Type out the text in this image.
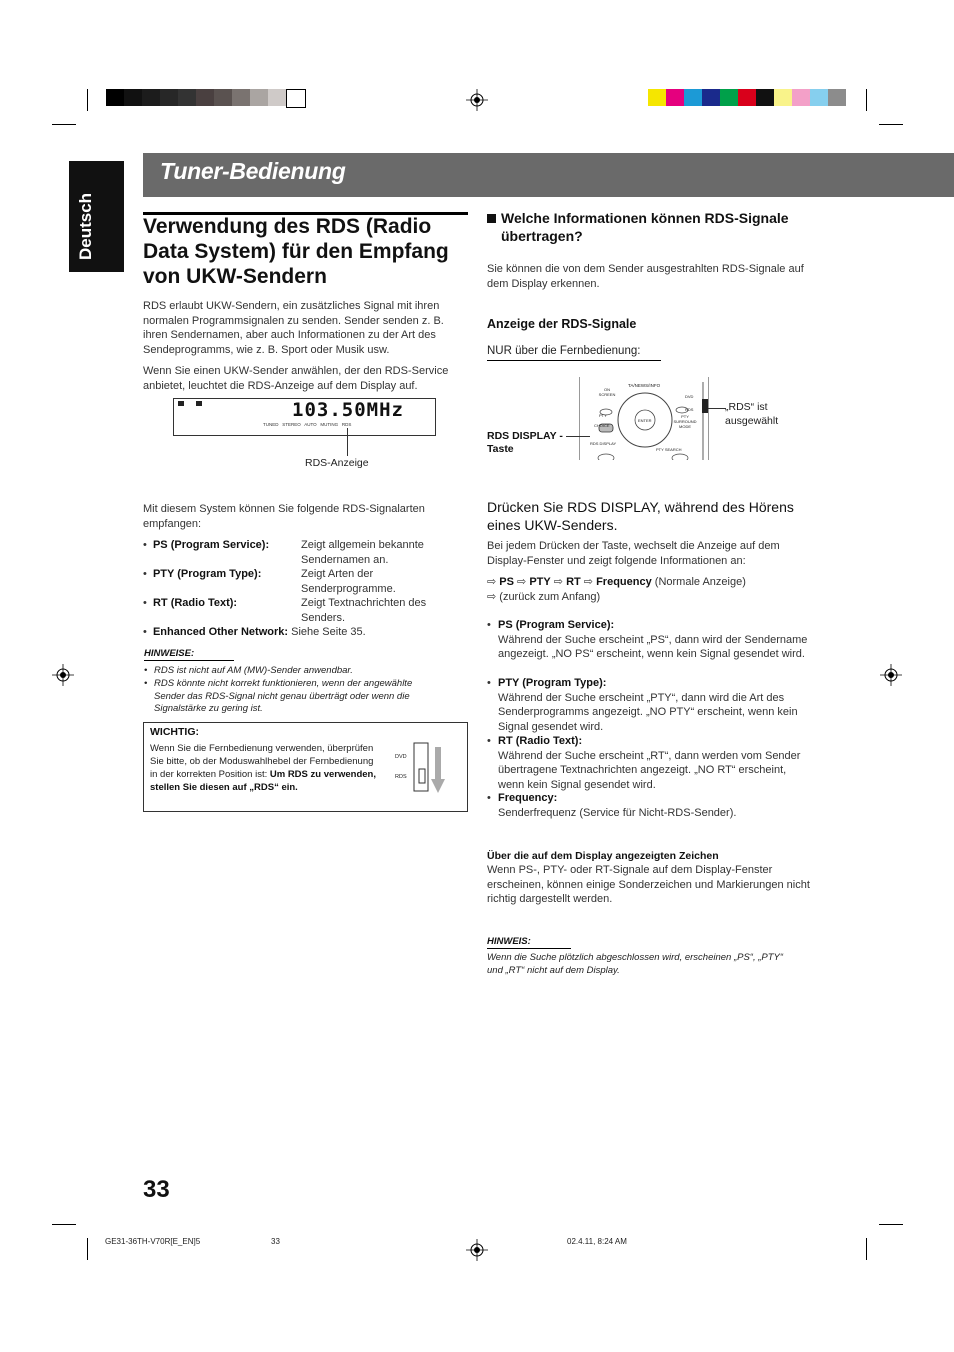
Tuner-Bedienung
Deutsch Verwendung des RDS (Radio Data System) für den Empfang von UKW-Sendern
RDS erlaubt UKW-Sendern, ein zusätzliches Signal mit ihren normalen Programmsignalen zu senden. Sender senden z. B. ihren Sendernamen, aber auch Informationen zu der Art des Sendeprogramms, wie z. B. Sport oder Musik usw.
Wenn Sie einen UKW-Sender anwählen, der den RDS-Service anbietet, leuchtet die RDS-Anzeige auf dem Display auf.
103.50MHz
TUNED   STEREO   AUTO   MUTING   RDS
RDS-Anzeige
Mit diesem System können Sie folgende RDS-Signalarten empfangen:
•  PS (Program Service):	Zeigt allgemein bekannte Sendernamen an.
•  PTY (Program Type):	Zeigt Arten der Senderprogramme.
•  RT (Radio Text):	Zeigt Textnachrichten des Senders.
•  Enhanced Other Network: Siehe Seite 35.
HINWEISE:
• RDS ist nicht auf AM (MW)-Sender anwendbar.
• RDS könnte nicht korrekt funktionieren, wenn der angewählte Sender das RDS-Signal nicht genau überträgt oder wenn die Signalstärke zu gering ist.
WICHTIG:
Wenn Sie die Fernbedienung verwenden, überprüfen Sie bitte, ob der Moduswahlhebel der Fernbedienung in der korrekten Position ist: Um RDS zu verwenden, stellen Sie diesen auf „RDS“ ein.
DVD
RDS
Welche Informationen können RDS-Signale übertragen?
Sie können die von dem Sender ausgestrahlten RDS-Signale auf dem Display erkennen.
Anzeige der RDS-Signale
NUR über die Fernbedienung:
TA/NEWS/INFO
ON SCREEN	DVD
RDS
PTY	PTY SURROUND MODE
CHOICE
RDS DISPLAY
PTY SEARCH
ENTER
RDS DISPLAY -Taste
„RDS“ ist ausgewählt
Drücken Sie RDS DISPLAY, während des Hörens eines UKW-Senders.
Bei jedem Drücken der Taste, wechselt die Anzeige auf dem Display-Fenster und zeigt folgende Informationen an:
⇨ PS ⇨ PTY ⇨ RT ⇨ Frequency (Normale Anzeige)
⇨ (zurück zum Anfang)
• PS (Program Service):
Während der Suche erscheint „PS“, dann wird der Sendername angezeigt. „NO PS“ erscheint, wenn kein Signal gesendet wird.
• PTY (Program Type):
Während der Suche erscheint „PTY“, dann wird die Art des Senderprogramms angezeigt. „NO PTY“ erscheint, wenn kein Signal gesendet wird.
• RT (Radio Text):
Während der Suche erscheint „RT“, dann werden vom Sender übertragene Textnachrichten angezeigt. „NO RT“ erscheint, wenn kein Signal gesendet wird.
• Frequency:
Senderfrequenz (Service für Nicht-RDS-Sender).
Über die auf dem Display angezeigten Zeichen
Wenn PS-, PTY- oder RT-Signale auf dem Display-Fenster erscheinen, können einige Sonderzeichen und Markierungen nicht richtig dargestellt werden.
HINWEIS:
Wenn die Suche plötzlich abgeschlossen wird, erscheinen „PS“, „PTY“ und „RT“ nicht auf dem Display.
33
GE31-36TH-V70R[E_EN]5	33	02.4.11, 8:24 AM
